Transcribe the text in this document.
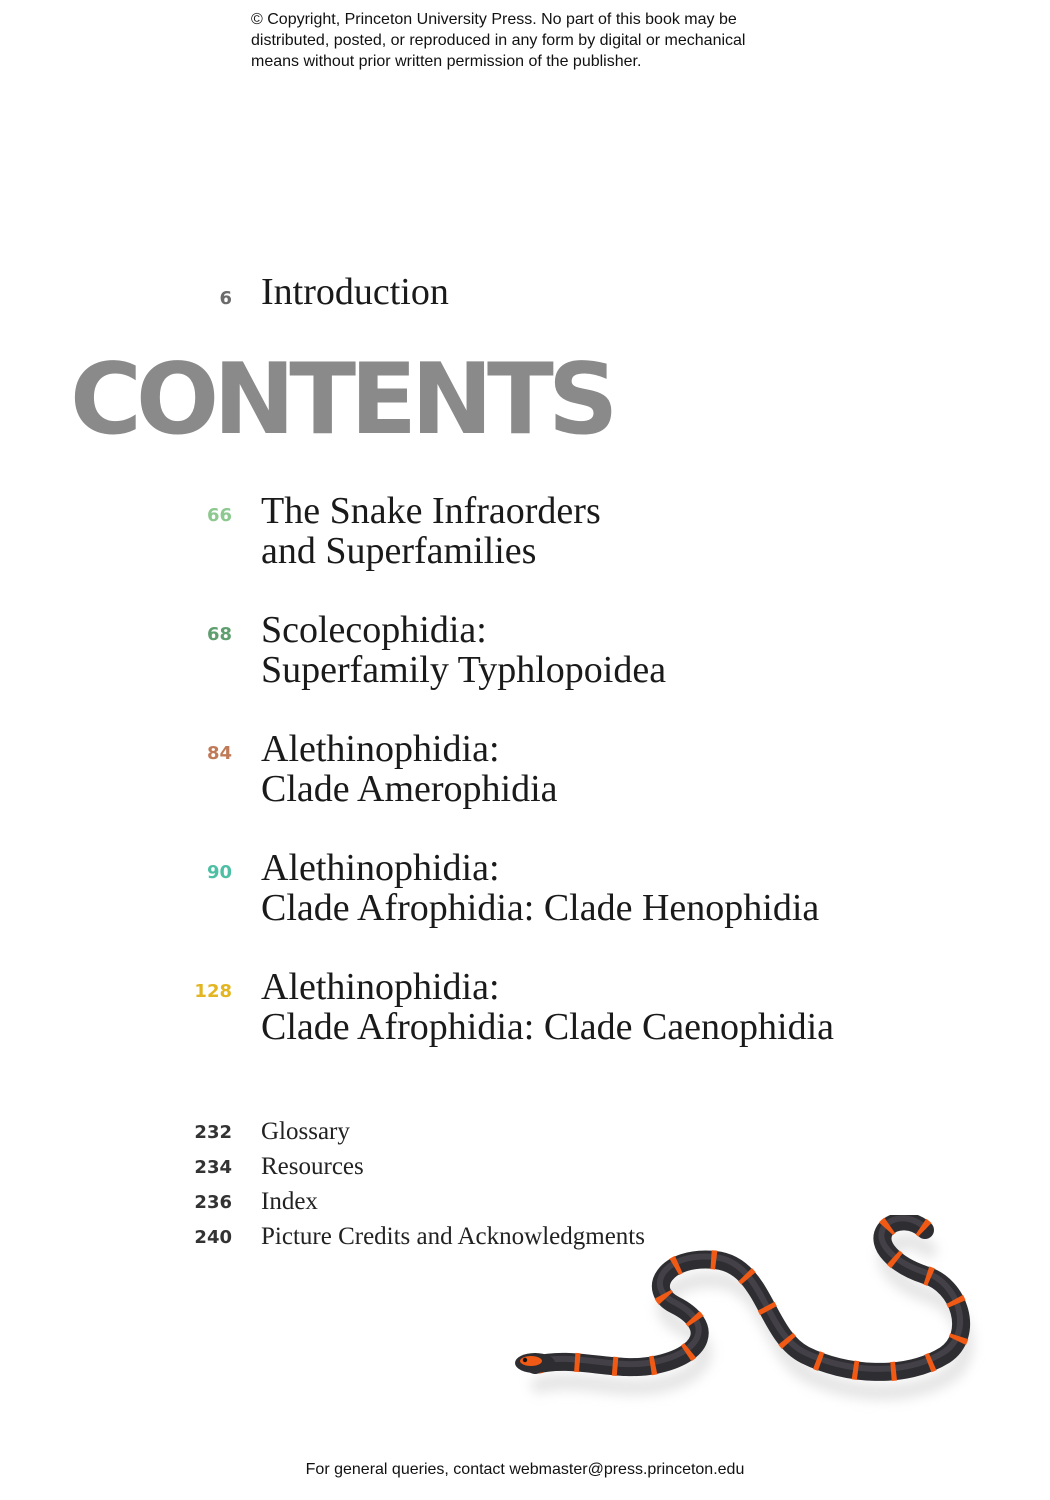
© Copyright, Princeton University Press. No part of this book may be
distributed, posted, or reproduced in any form by digital or mechanical
means without prior written permission of the publisher.
6 Introduction
CONTENTS
66 The Snake Infraorders
and Superfamilies
68 Scolecophidia:
Superfamily Typhlopoidea
84 Alethinophidia:
Clade Amerophidia
90 Alethinophidia:
Clade Afrophidia: Clade Henophidia
128 Alethinophidia:
Clade Afrophidia: Clade Caenophidia
232 Glossary
234 Resources
236 Index
240 Picture Credits and Acknowledgments
For general queries, contact webmaster@press.princeton.edu
